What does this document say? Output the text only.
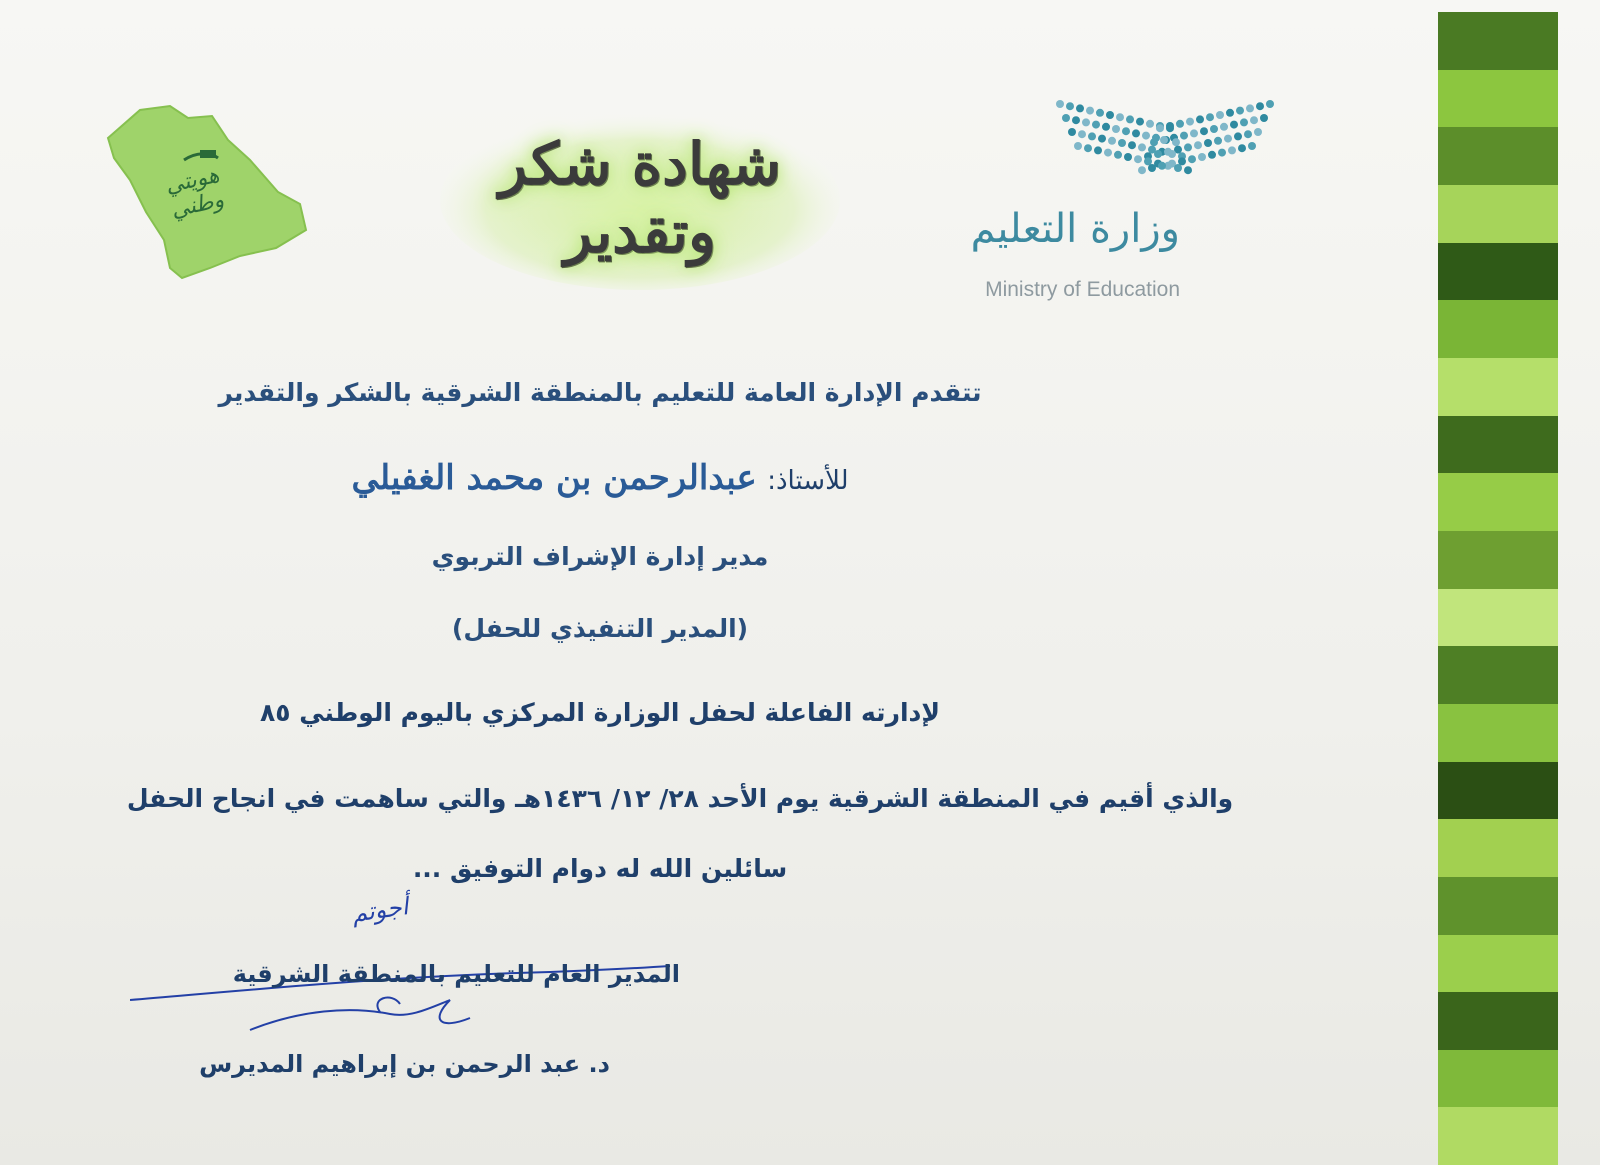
وزارة التعليم
Ministry of Education
شهادة شكر وتقدير
هويتي وطني
تتقدم الإدارة العامة للتعليم بالمنطقة الشرقية بالشكر والتقدير
للأستاذ: عبدالرحمن بن محمد الغفيلي
مدير إدارة الإشراف التربوي
(المدير التنفيذي للحفل)
لإدارته الفاعلة لحفل الوزارة المركزي باليوم الوطني ٨٥
والذي أقيم في المنطقة الشرقية يوم الأحد ٢٨/ ١٢/ ١٤٣٦هـ والتي ساهمت في انجاح الحفل
سائلين الله له دوام التوفيق ...
أجوتم
المدير العام للتعليم بالمنطقة الشرقية
د. عبد الرحمن بن إبراهيم المديرس
